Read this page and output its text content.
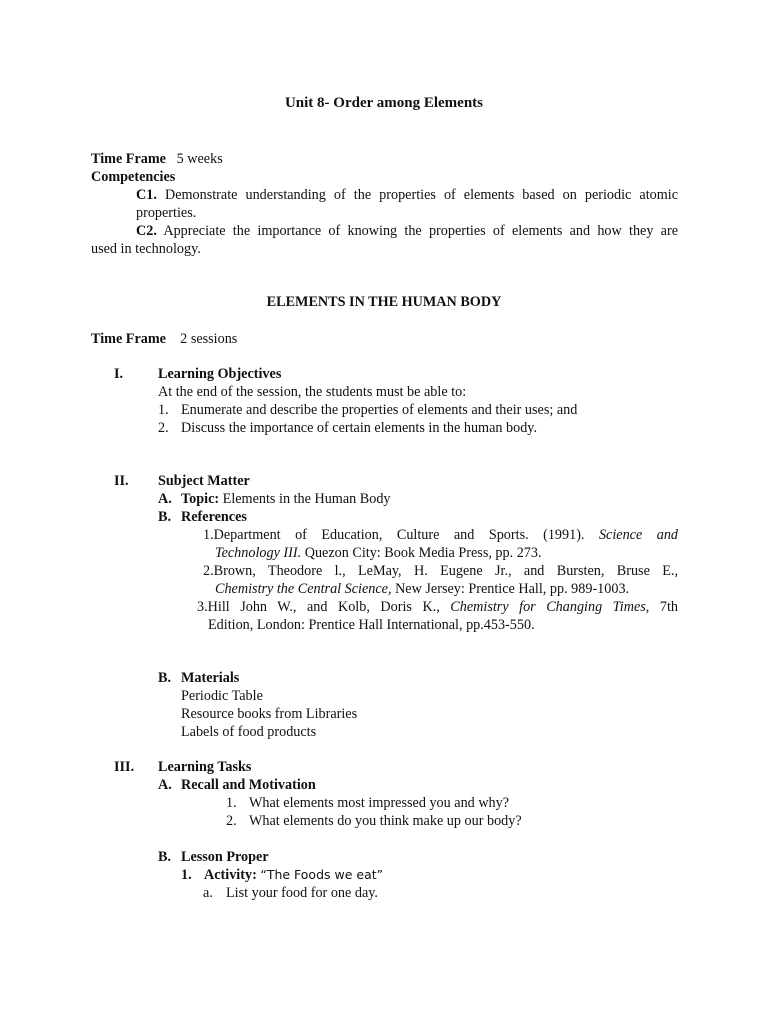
Unit 8- Order among Elements
Time Frame 5 weeks
Competencies
C1. Demonstrate understanding of the properties of elements based on periodic atomic
properties.
C2. Appreciate the importance of knowing the properties of elements and how they are
used in technology.
ELEMENTS IN THE HUMAN BODY
Time Frame 2 sessions
I. Learning Objectives
At the end of the session, the students must be able to:
1. Enumerate and describe the properties of elements and their uses; and
2. Discuss the importance of certain elements in the human body.
II. Subject Matter
A. Topic: Elements in the Human Body
B. References
1.Department of Education, Culture and Sports. (1991). Science and
Technology III. Quezon City: Book Media Press, pp. 273.
2.Brown, Theodore l., LeMay, H. Eugene Jr., and Bursten, Bruse E.,
Chemistry the Central Science, New Jersey: Prentice Hall, pp. 989-1003.
3.Hill John W., and Kolb, Doris K., Chemistry for Changing Times, 7th
Edition, London: Prentice Hall International, pp.453-550.
B. Materials
Periodic Table
Resource books from Libraries
Labels of food products
III. Learning Tasks
A. Recall and Motivation
1. What elements most impressed you and why?
2. What elements do you think make up our body?
B. Lesson Proper
1. Activity: “The Foods we eat”
a. List your food for one day.
